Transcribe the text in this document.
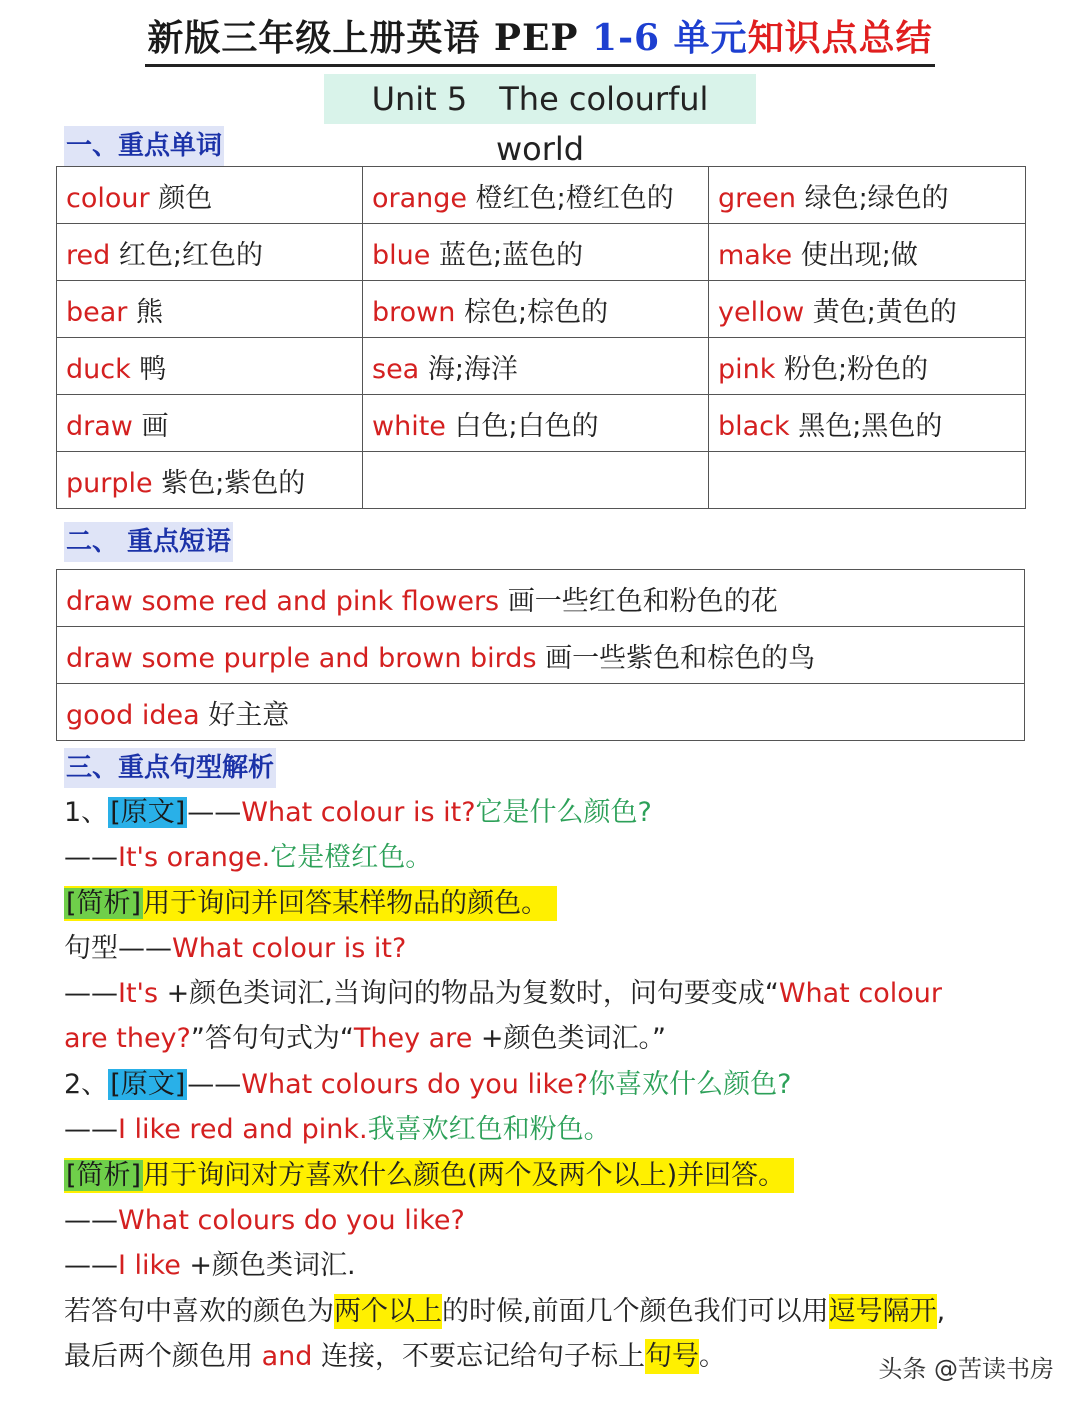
新版三年级上册英语 PEP 1-6 单元知识点总结
Unit 5 The colourful world
一、重点单词
colour 颜色	orange 橙红色;橙红色的	green 绿色;绿色的
red 红色;红色的	blue 蓝色;蓝色的	make 使出现;做
bear 熊	brown 棕色;棕色的	yellow 黄色;黄色的
duck 鸭	sea 海;海洋	pink 粉色;粉色的
draw 画	white 白色;白色的	black 黑色;黑色的
purple 紫色;紫色的		
二、 重点短语
draw some red and pink flowers 画一些红色和粉色的花
draw some purple and brown birds 画一些紫色和棕色的鸟
good idea 好主意
三、重点句型解析
1、[原文]——What colour is it?它是什么颜色?
——It's orange.它是橙红色。
[简析]用于询问并回答某样物品的颜色。
句型——What colour is it?
——It's +颜色类词汇,当询问的物品为复数时，问句要变成“What colour
are they?”答句句式为“They are +颜色类词汇。”
2、[原文]——What colours do you like?你喜欢什么颜色?
——I like red and pink.我喜欢红色和粉色。
[简析]用于询问对方喜欢什么颜色(两个及两个以上)并回答。
——What colours do you like?
——I like +颜色类词汇.
若答句中喜欢的颜色为两个以上的时候,前面几个颜色我们可以用逗号隔开,
最后两个颜色用 and 连接，不要忘记给句子标上句号。	头条 @苦读书房
